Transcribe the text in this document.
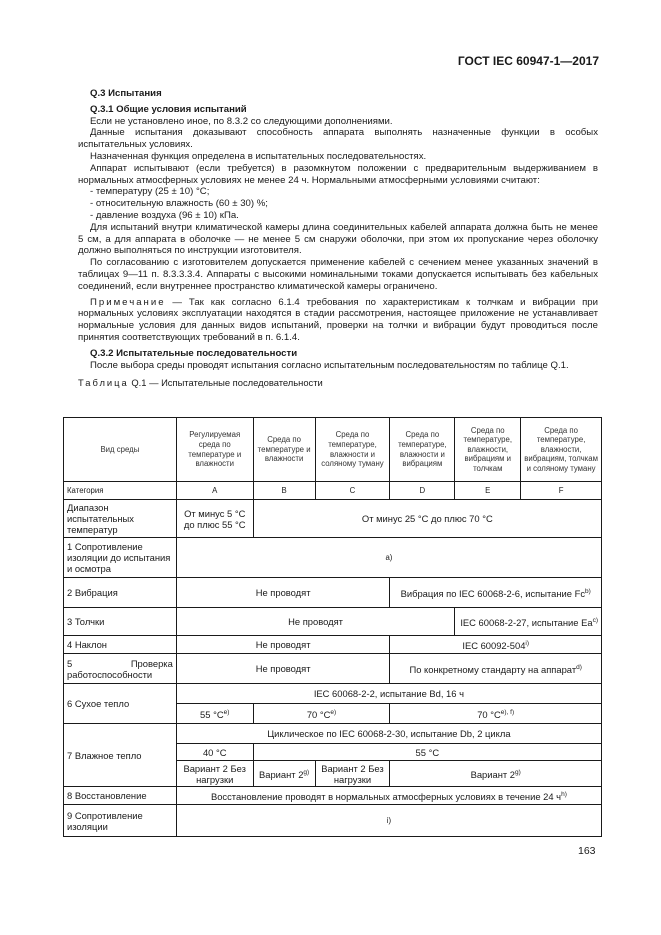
ГОСТ IEC 60947-1—2017

Q.3 Испытания

Q.3.1 Общие условия испытаний

Если не установлено иное, по 8.3.2 со следующими дополнениями.

Данные испытания доказывают способность аппарата выполнять назначенные функции в особых испытательных условиях.

Назначенная функция определена в испытательных последовательностях.

Аппарат испытывают (если требуется) в разомкнутом положении с предварительным выдерживанием в нормальных атмосферных условиях не менее 24 ч. Нормальными атмосферными условиями считают:

- температуру (25 ± 10) °С;

- относительную влажность (60 ± 30) %;

- давление воздуха (96 ± 10) кПа.

Для испытаний внутри климатической камеры длина соединительных кабелей аппарата должна быть не менее 5 см, а для аппарата в оболочке — не менее 5 см снаружи оболочки, при этом их пропускание через оболочку должно выполняться по инструкции изготовителя.

По согласованию с изготовителем допускается применение кабелей с сечением менее указанных значений в таблицах 9—11 п. 8.3.3.3.4. Аппараты с высокими номинальными токами допускается испытывать без кабельных соединений, если внутреннее пространство климатической камеры ограничено.

Примечание — Так как согласно 6.1.4 требования по характеристикам к толчкам и вибрации при нормальных условиях эксплуатации находятся в стадии рассмотрения, настоящее приложение не устанавливает нормальные условия для данных видов испытаний, проверки на толчки и вибрации будут проводиться после принятия соответствующих требований в п. 6.1.4.

Q.3.2 Испытательные последовательности

После выбора среды проводят испытания согласно испытательным последовательностям по таблице Q.1.

Таблица Q.1 — Испытательные последовательности

Вид среды	Регулируемая среда по температуре и влажности	Среда по температуре и влажности	Среда по температуре, влажности и соляному туману	Среда по температуре, влажности и вибрациям	Среда по температуре, влажности, вибрациям и толчкам	Среда по температуре, влажности, вибрациям, толчкам и соляному туману
Категория	A	B	C	D	E	F
Диапазон испытательных температур	От минус 5 °С до плюс 55 °С	От минус 25 °С до плюс 70 °С				
1 Сопротивление изоляции до испытания и осмотра	a)					
2 Вибрация	Не проводят			Вибрация по IEC 60068-2-6, испытание Fc$^{b)}$
3 Толчки	Не проводят				IEC 60068-2-27, испытание Ea$^{c)}$
4 Наклон	Не проводят			IEC 60092-504$^{i)}$
5 Проверка работоспособности	Не проводят			По конкретному стандарту на аппарат$^{d)}$
6 Сухое тепло	IEC 60068-2-2, испытание Bd, 16 ч					
	55 $^\circ С^{e)}$	70 $^\circ С^{e)}$		70 $^\circ С^{e), f)}$
7 Влажное тепло	Циклическое по IEC 60068-2-30, испытание Db, 2 цикла					
	40 °С	55 °С				
	Вариант 2 Без нагрузки	Вариант 2$^{g)}$	Вариант 2 Без нагрузки	Вариант 2$^{g)}$
8 Восстановление	Восстановление проводят в нормальных атмосферных условиях в течение 24 $ч^{h)}$
9 Сопротивление изоляции	i)					
163
